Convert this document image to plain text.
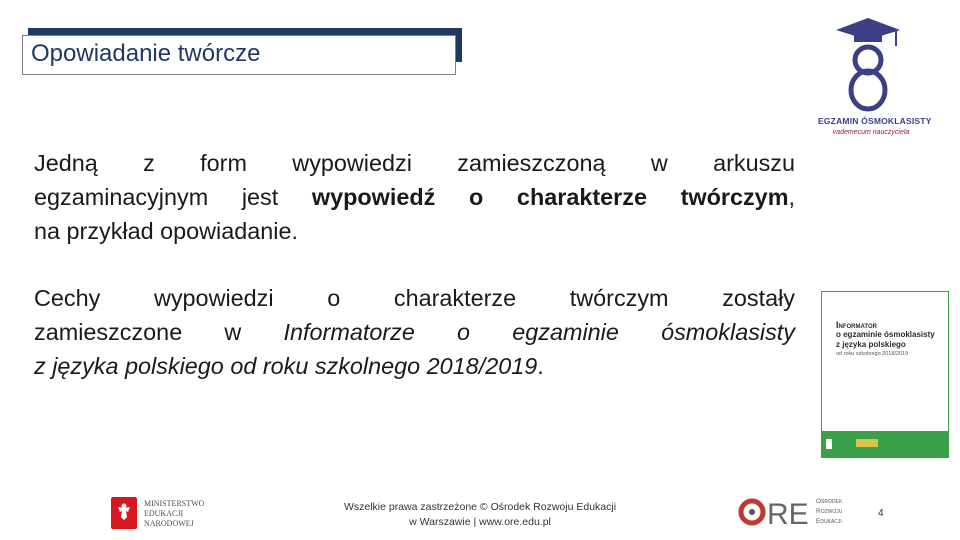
Opowiadanie twórcze
Jedną z form wypowiedzi zamieszczoną w arkuszu
egzaminacyjnym jest wypowiedź o charakterze twórczym,
na przykład opowiadanie.
Cechy wypowiedzi o charakterze twórczym zostały
zamieszczone w Informatorze o egzaminie ósmoklasisty
z języka polskiego od roku szkolnego 2018/2019.
EGZAMIN ÓSMOKLASISTY
vademecum nauczyciela
Informator
o egzaminie ósmoklasisty
z języka polskiego
od roku szkolnego 2018/2019
MINISTERSTWO
EDUKACJI
NARODOWEJ
Wszelkie prawa zastrzeżone © Ośrodek Rozwoju Edukacji
w Warszawie | www.ore.edu.pl	RE Ośrodek
Rozwoju
Edukacji
4
